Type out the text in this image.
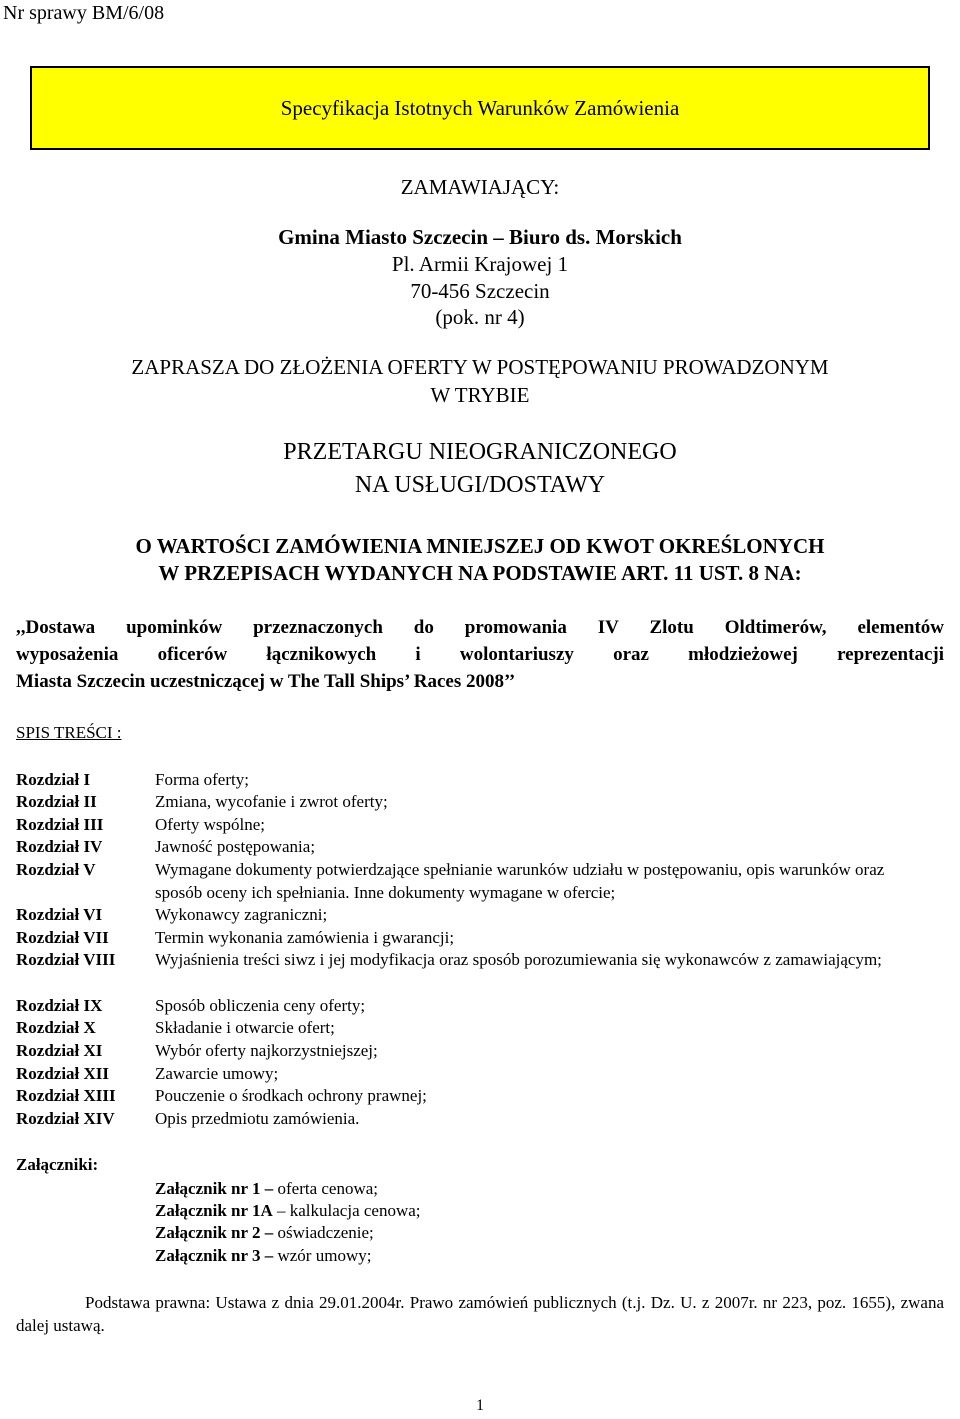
Nr sprawy BM/6/08
Specyfikacja Istotnych Warunków Zamówienia
ZAMAWIAJĄCY:
Gmina Miasto Szczecin – Biuro ds. Morskich
Pl. Armii Krajowej 1
70-456 Szczecin
(pok. nr 4)
ZAPRASZA DO ZŁOŻENIA OFERTY W POSTĘPOWANIU PROWADZONYM
W TRYBIE
PRZETARGU NIEOGRANICZONEGO
NA USŁUGI/DOSTAWY
O WARTOŚCI ZAMÓWIENIA MNIEJSZEJ OD KWOT OKREŚLONYCH
W PRZEPISACH WYDANYCH NA PODSTAWIE ART. 11 UST. 8 NA:
,,Dostawa upominków przeznaczonych do promowania IV Zlotu Oldtimerów, elementów
wyposażenia oficerów łącznikowych i wolontariuszy oraz młodzieżowej reprezentacji
Miasta Szczecin uczestniczącej w The Tall Ships’ Races 2008’’
SPIS TREŚCI :
Rozdział I	Forma oferty;
Rozdział II	Zmiana, wycofanie i zwrot oferty;
Rozdział III	Oferty wspólne;
Rozdział IV	Jawność postępowania;
Rozdział V	Wymagane dokumenty potwierdzające spełnianie warunków udziału w postępowaniu, opis warunków oraz sposób oceny ich spełniania. Inne dokumenty wymagane w ofercie;
Rozdział VI	Wykonawcy zagraniczni;
Rozdział VII	Termin wykonania zamówienia i gwarancji;
Rozdział VIII Wyjaśnienia treści siwz i jej modyfikacja oraz sposób porozumiewania się wykonawców z zamawiającym;
Rozdział IX	Sposób obliczenia ceny oferty;
Rozdział X	Składanie i otwarcie ofert;
Rozdział XI	Wybór oferty najkorzystniejszej;
Rozdział XII	Zawarcie umowy;
Rozdział XIII Pouczenie o środkach ochrony prawnej;
Rozdział XIV Opis przedmiotu zamówienia.
Załączniki:
Załącznik nr 1 – oferta cenowa;
Załącznik nr 1A – kalkulacja cenowa;
Załącznik nr 2 – oświadczenie;
Załącznik nr 3 – wzór umowy;
Podstawa prawna: Ustawa z dnia 29.01.2004r. Prawo zamówień publicznych (t.j. Dz. U. z 2007r. nr 223, poz. 1655), zwana dalej ustawą.
1
